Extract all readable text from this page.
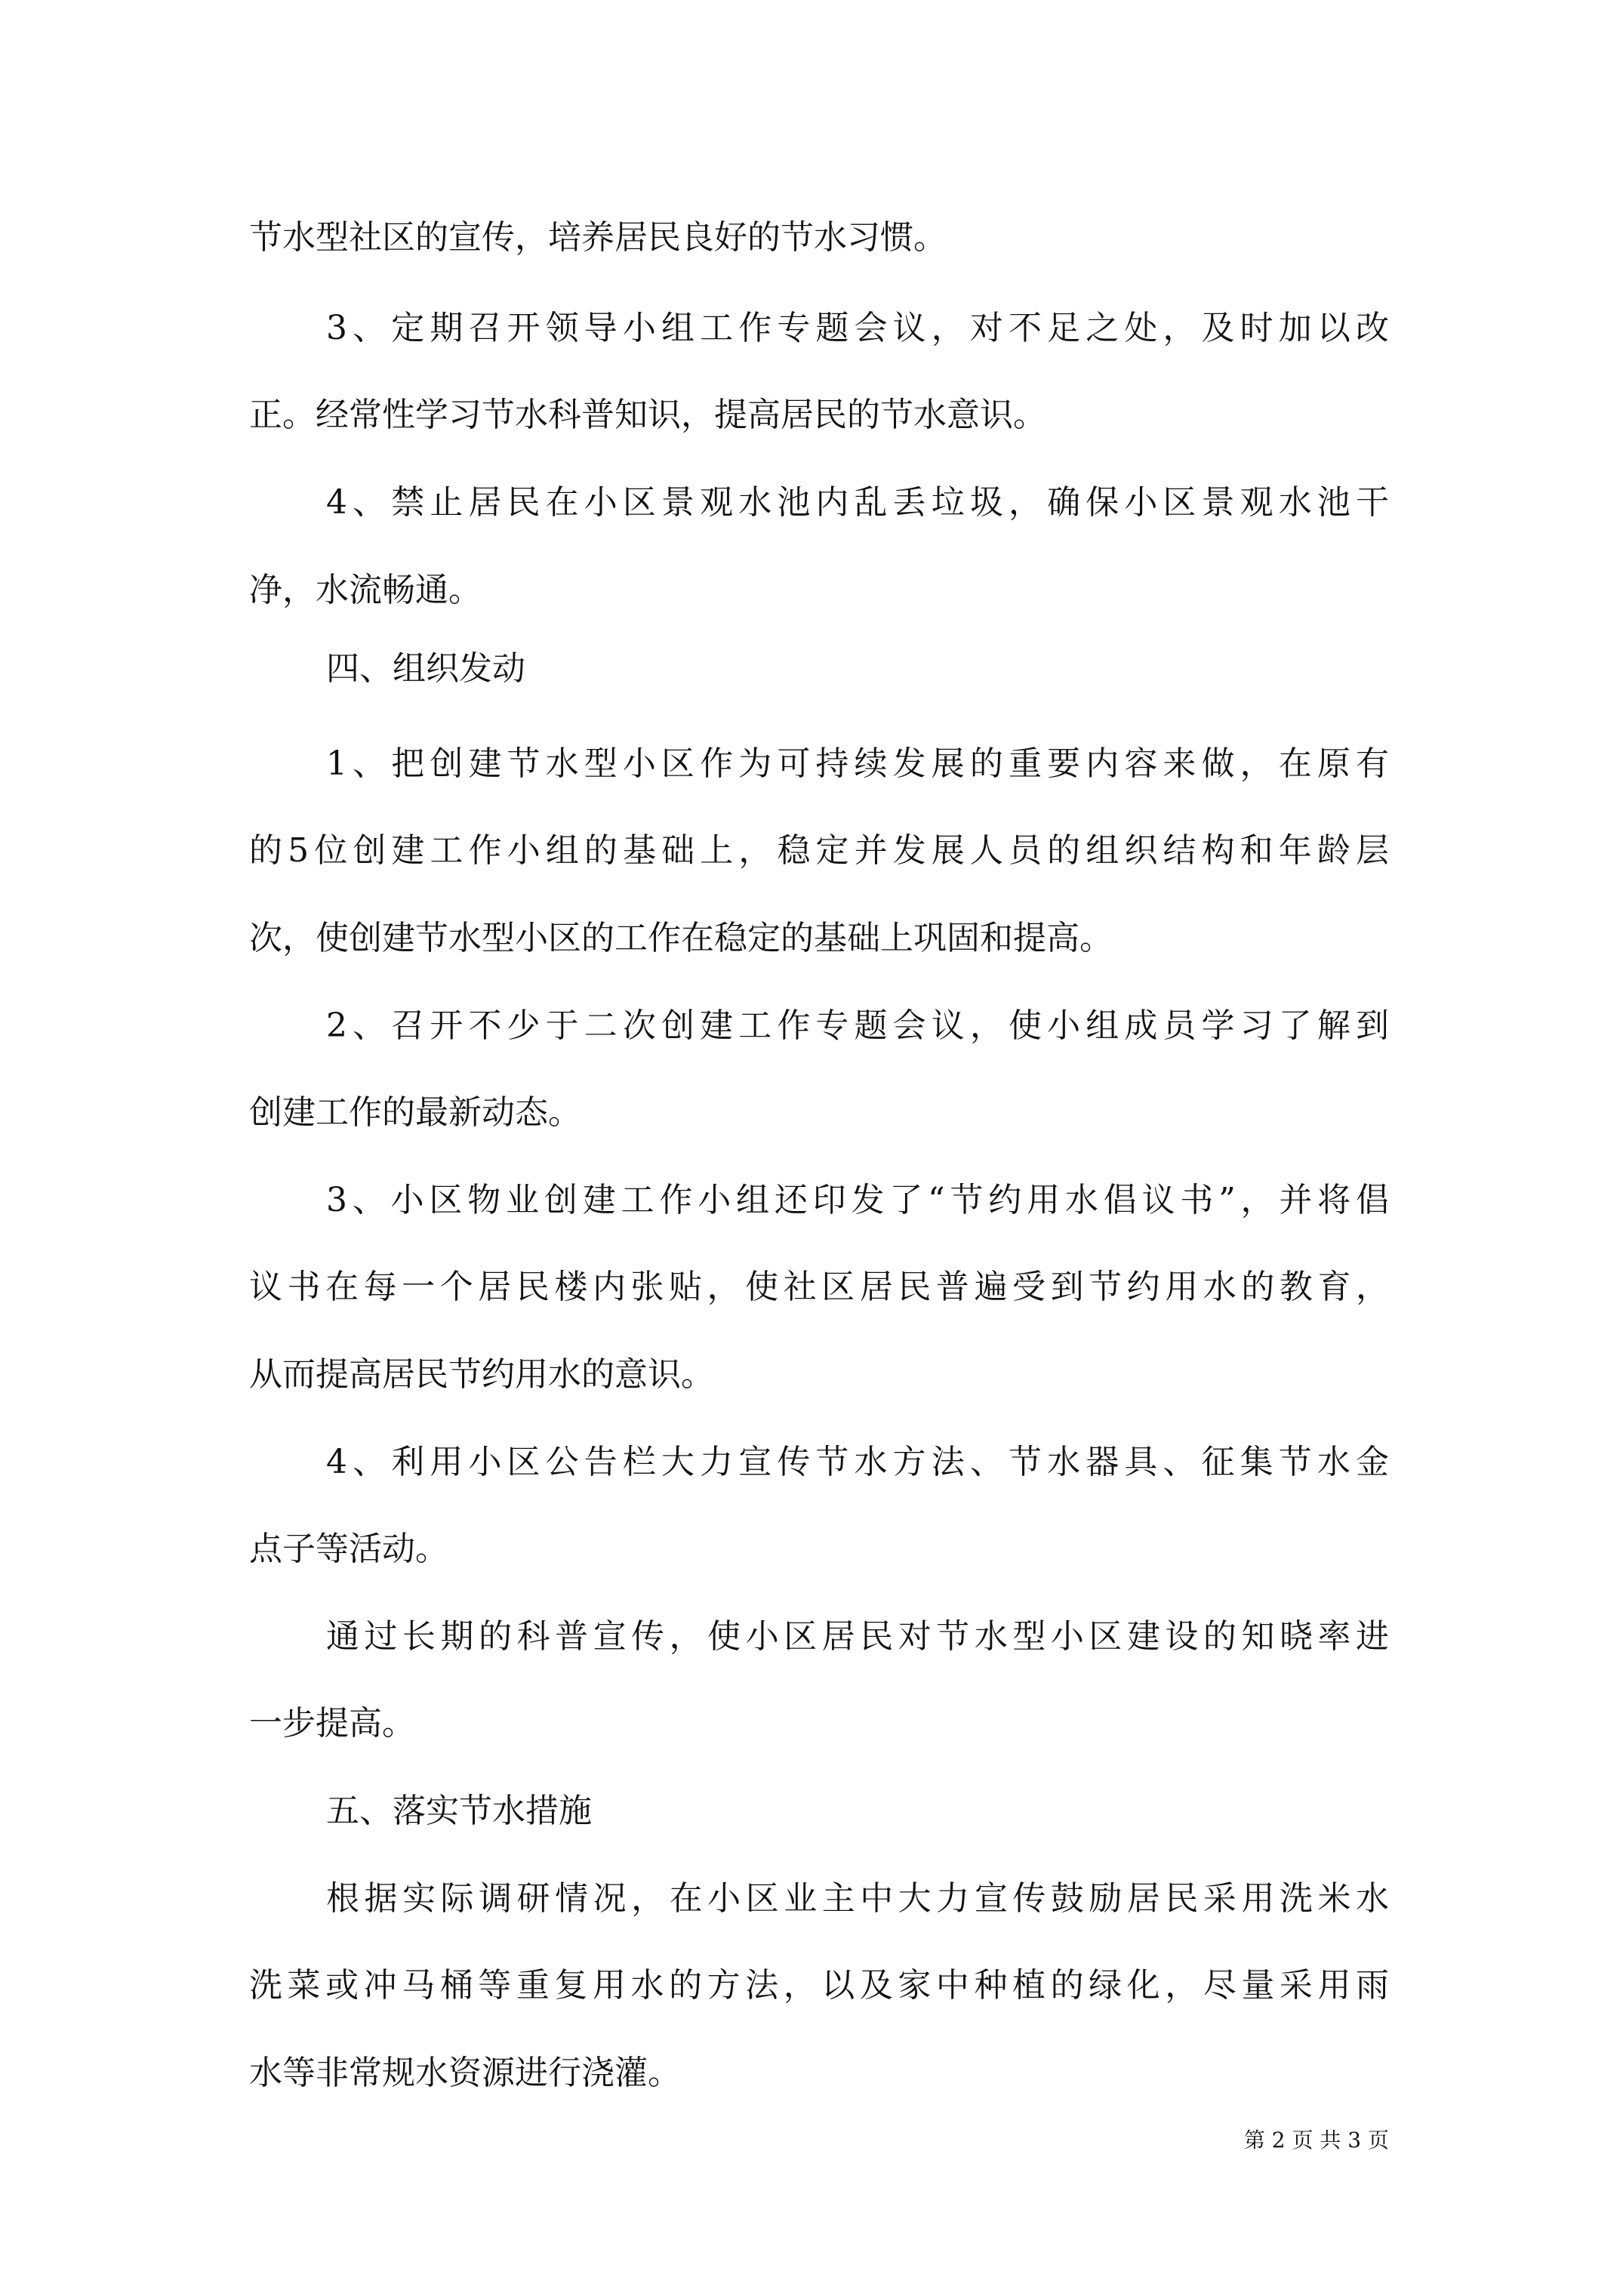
节水型社区的宣传，培养居民良好的节水习惯。
3、定期召开领导小组工作专题会议，对不足之处，及时加以改
正。经常性学习节水科普知识，提高居民的节水意识。
4、禁止居民在小区景观水池内乱丢垃圾，确保小区景观水池干
净，水流畅通。
四、组织发动
1、把创建节水型小区作为可持续发展的重要内容来做，在原有
的5位创建工作小组的基础上，稳定并发展人员的组织结构和年龄层
次，使创建节水型小区的工作在稳定的基础上巩固和提高。
2、召开不少于二次创建工作专题会议，使小组成员学习了解到
创建工作的最新动态。
3、小区物业创建工作小组还印发了“节约用水倡议书”，并将倡
议书在每一个居民楼内张贴，使社区居民普遍受到节约用水的教育，
从而提高居民节约用水的意识。
4、利用小区公告栏大力宣传节水方法、节水器具、征集节水金
点子等活动。
通过长期的科普宣传，使小区居民对节水型小区建设的知晓率进
一步提高。
五、落实节水措施
根据实际调研情况，在小区业主中大力宣传鼓励居民采用洗米水
洗菜或冲马桶等重复用水的方法，以及家中种植的绿化，尽量采用雨
水等非常规水资源进行浇灌。
第 2 页 共 3 页
